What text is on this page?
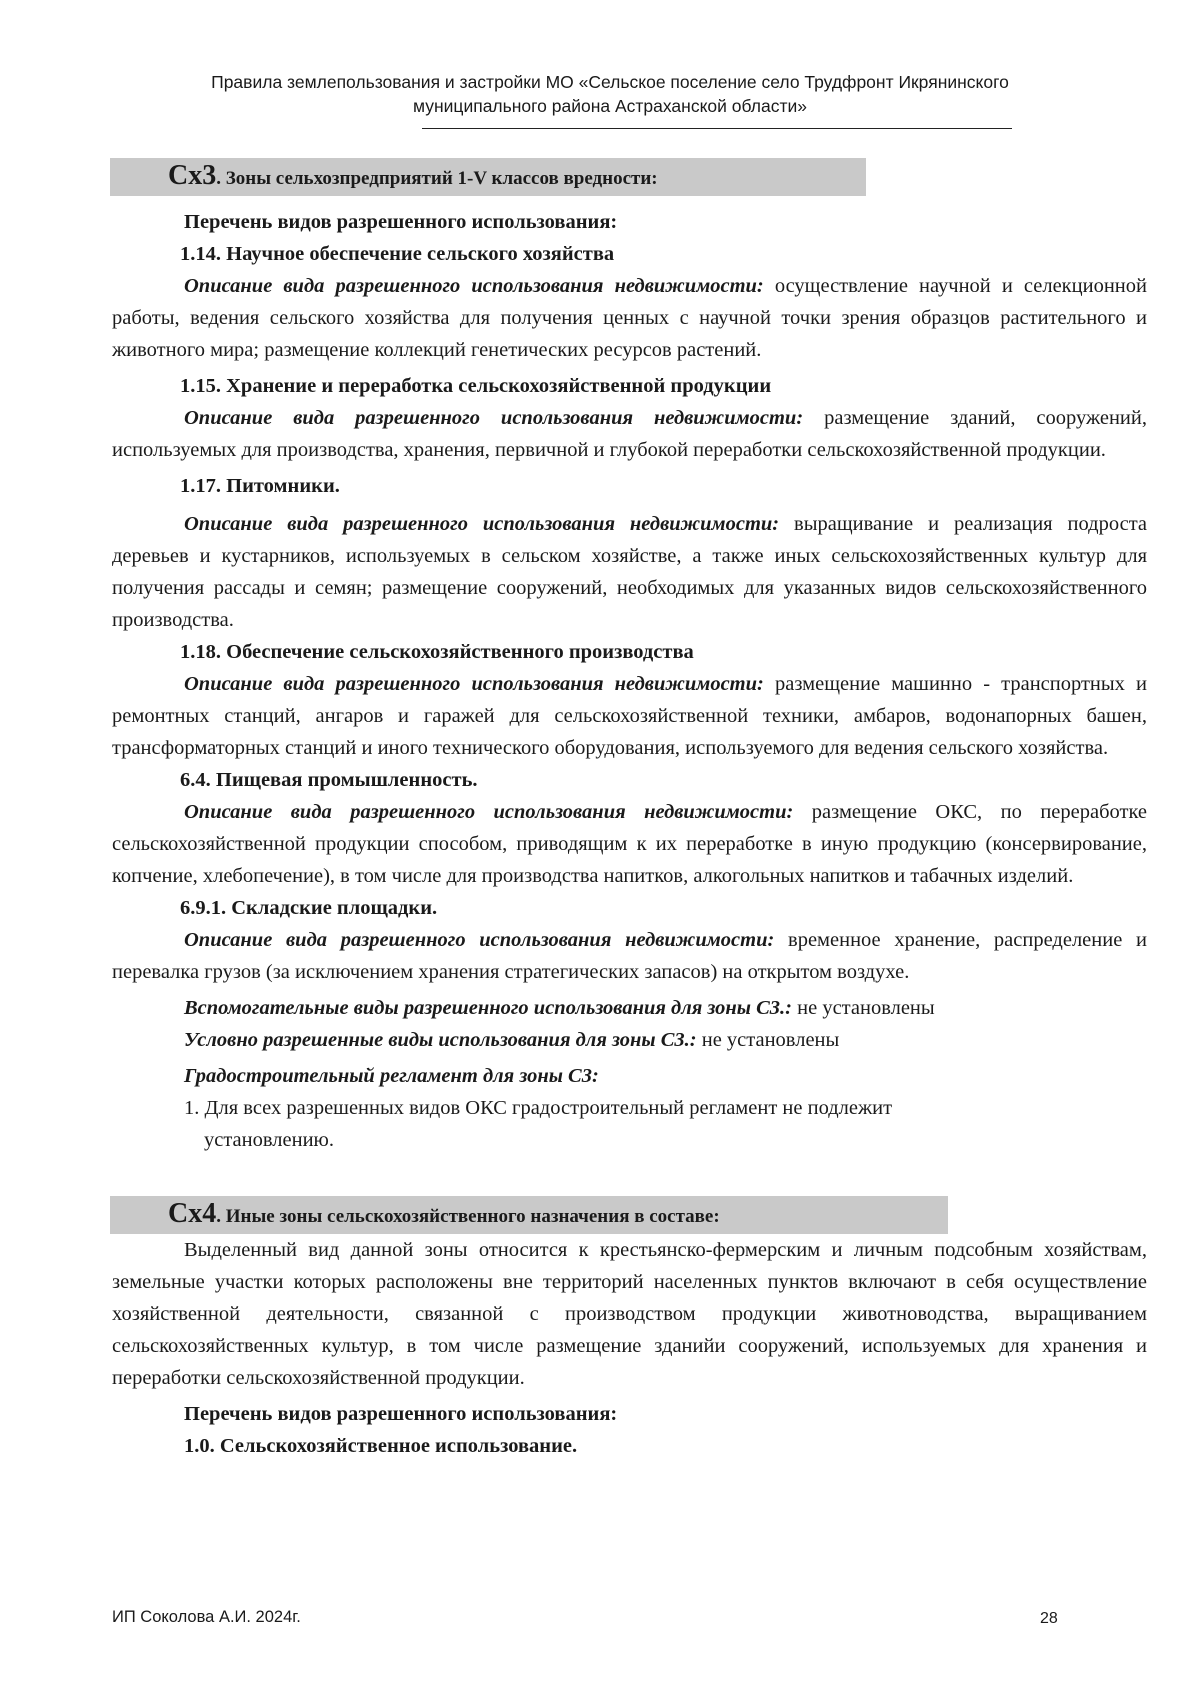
Правила землепользования и застройки МО «Сельское поселение село Трудфронт Икрянинского
муниципального района Астраханской области»
Сх3. Зоны сельхозпредприятий 1-V классов вредности:
Перечень видов разрешенного использования:
1.14. Научное обеспечение сельского хозяйства
Описание вида разрешенного использования недвижимости: осуществление научной и селекционной работы, ведения сельского хозяйства для получения ценных с научной точки зрения образцов растительного и животного мира; размещение коллекций генетических ресурсов растений.
1.15. Хранение и переработка сельскохозяйственной продукции
Описание вида разрешенного использования недвижимости: размещение зданий, сооружений, используемых для производства, хранения, первичной и глубокой переработки сельскохозяйственной продукции.
1.17. Питомники.
Описание вида разрешенного использования недвижимости: выращивание и реализация подроста деревьев и кустарников, используемых в сельском хозяйстве, а также иных сельскохозяйственных культур для получения рассады и семян; размещение сооружений, необходимых для указанных видов сельскохозяйственного производства.
1.18. Обеспечение сельскохозяйственного производства
Описание вида разрешенного использования недвижимости: размещение машинно - транспортных и ремонтных станций, ангаров и гаражей для сельскохозяйственной техники, амбаров, водонапорных башен, трансформаторных станций и иного технического оборудования, используемого для ведения сельского хозяйства.
6.4. Пищевая промышленность.
Описание вида разрешенного использования недвижимости: размещение ОКС, по переработке сельскохозяйственной продукции способом, приводящим к их переработке в иную продукцию (консервирование, копчение, хлебопечение), в том числе для производства напитков, алкогольных напитков и табачных изделий.
6.9.1. Складские площадки.
Описание вида разрешенного использования недвижимости: временное хранение, распределение и перевалка грузов (за исключением хранения стратегических запасов) на открытом воздухе.
Вспомогательные виды разрешенного использования для зоны С3.: не установлены
Условно разрешенные виды использования для зоны С3.: не установлены
Градостроительный регламент для зоны С3:
1. Для всех разрешенных видов ОКС градостроительный регламент не подлежит
установлению.
Сх4. Иные зоны сельскохозяйственного назначения в составе:
Выделенный вид данной зоны относится к крестьянско-фермерским и личным подсобным хозяйствам, земельные участки которых расположены вне территорий населенных пунктов включают в себя осуществление хозяйственной деятельности, связанной с производством продукции животноводства, выращиванием сельскохозяйственных культур, в том числе размещение зданийи сооружений, используемых для хранения и переработки сельскохозяйственной продукции.
Перечень видов разрешенного использования:
1.0. Сельскохозяйственное использование.
ИП Соколова А.И. 2024г.	28
